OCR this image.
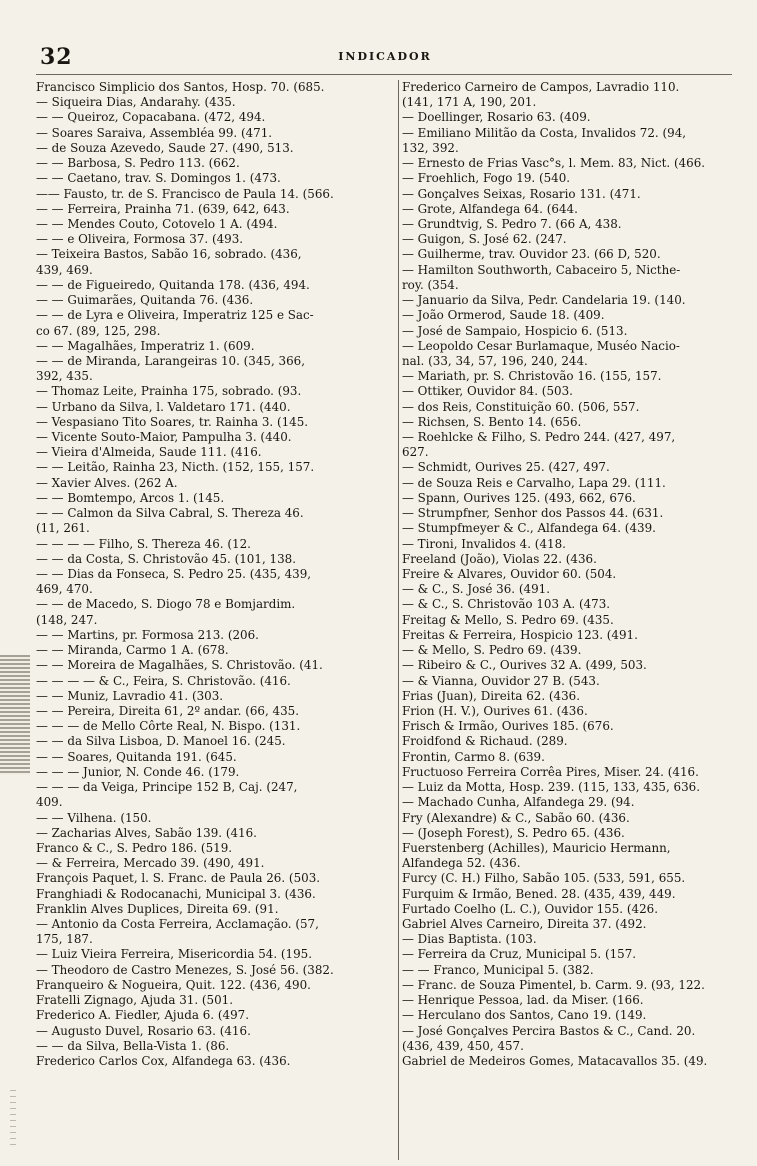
32	INDICADOR
Francisco Simplicio dos Santos, Hosp. 70. (685.
— Siqueira Dias, Andarahy. (435.
— — Queiroz, Copacabana. (472, 494.
— Soares Saraiva, Assembléa 99. (471.
— de Souza Azevedo, Saude 27. (490, 513.
— — Barbosa, S. Pedro 113. (662.
— — Caetano, trav. S. Domingos 1. (473.
—— Fausto, tr. de S. Francisco de Paula 14. (566.
— — Ferreira, Prainha 71. (639, 642, 643.
— — Mendes Couto, Cotovelo 1 A. (494.
— — e Oliveira, Formosa 37. (493.
— Teixeira Bastos, Sabão 16, sobrado. (436,
439, 469.
— — de Figueiredo, Quitanda 178. (436, 494.
— — Guimarães, Quitanda 76. (436.
— — de Lyra e Oliveira, Imperatriz 125 e Sac-
co 67. (89, 125, 298.
— — Magalhães, Imperatriz 1. (609.
— — de Miranda, Larangeiras 10. (345, 366,
392, 435.
— Thomaz Leite, Prainha 175, sobrado. (93.
— Urbano da Silva, l. Valdetaro 171. (440.
— Vespasiano Tito Soares, tr. Rainha 3. (145.
— Vicente Souto-Maior, Pampulha 3. (440.
— Vieira d'Almeida, Saude 111. (416.
— — Leitão, Rainha 23, Nicth. (152, 155, 157.
— Xavier Alves. (262 A.
— — Bomtempo, Arcos 1. (145.
— — Calmon da Silva Cabral, S. Thereza 46.
(11, 261.
— — — — Filho, S. Thereza 46. (12.
— — da Costa, S. Christovão 45. (101, 138.
— — Dias da Fonseca, S. Pedro 25. (435, 439,
469, 470.
— — de Macedo, S. Diogo 78 e Bomjardim.
(148, 247.
— — Martins, pr. Formosa 213. (206.
— — Miranda, Carmo 1 A. (678.
— — Moreira de Magalhães, S. Christovão. (41.
— — — — & C., Feira, S. Christovão. (416.
— — Muniz, Lavradio 41. (303.
— — Pereira, Direita 61, 2º andar. (66, 435.
— — — de Mello Côrte Real, N. Bispo. (131.
— — da Silva Lisboa, D. Manoel 16. (245.
— — Soares, Quitanda 191. (645.
— — — Junior, N. Conde 46. (179.
— — — da Veiga, Principe 152 B, Caj. (247,
409.
— — Vilhena. (150.
— Zacharias Alves, Sabão 139. (416.
Franco & C., S. Pedro 186. (519.
— & Ferreira, Mercado 39. (490, 491.
François Paquet, l. S. Franc. de Paula 26. (503.
Franghiadi & Rodocanachi, Municipal 3. (436.
Franklin Alves Duplices, Direita 69. (91.
— Antonio da Costa Ferreira, Acclamação. (57,
175, 187.
— Luiz Vieira Ferreira, Misericordia 54. (195.
— Theodoro de Castro Menezes, S. José 56. (382.
Franqueiro & Nogueira, Quit. 122. (436, 490.
Fratelli Zignago, Ajuda 31. (501.
Frederico A. Fiedler, Ajuda 6. (497.
— Augusto Duvel, Rosario 63. (416.
— — da Silva, Bella-Vista 1. (86.
Frederico Carlos Cox, Alfandega 63. (436.
Frederico Carneiro de Campos, Lavradio 110.
(141, 171 A, 190, 201.
— Doellinger, Rosario 63. (409.
— Emiliano Militão da Costa, Invalidos 72. (94,
132, 392.
— Ernesto de Frias Vasc°s, l. Mem. 83, Nict. (466.
— Froehlich, Fogo 19. (540.
— Gonçalves Seixas, Rosario 131. (471.
— Grote, Alfandega 64. (644.
— Grundtvig, S. Pedro 7. (66 A, 438.
— Guigon, S. José 62. (247.
— Guilherme, trav. Ouvidor 23. (66 D, 520.
— Hamilton Southworth, Cabaceiro 5, Nicthe-
roy. (354.
— Januario da Silva, Pedr. Candelaria 19. (140.
— João Ormerod, Saude 18. (409.
— José de Sampaio, Hospicio 6. (513.
— Leopoldo Cesar Burlamaque, Muséo Nacio-
nal. (33, 34, 57, 196, 240, 244.
— Mariath, pr. S. Christovão 16. (155, 157.
— Ottiker, Ouvidor 84. (503.
— dos Reis, Constituição 60. (506, 557.
— Richsen, S. Bento 14. (656.
— Roehlcke & Filho, S. Pedro 244. (427, 497,
627.
— Schmidt, Ourives 25. (427, 497.
— de Souza Reis e Carvalho, Lapa 29. (111.
— Spann, Ourives 125. (493, 662, 676.
— Strumpfner, Senhor dos Passos 44. (631.
— Stumpfmeyer & C., Alfandega 64. (439.
— Tironi, Invalidos 4. (418.
Freeland (João), Violas 22. (436.
Freire & Alvares, Ouvidor 60. (504.
— & C., S. José 36. (491.
— & C., S. Christovão 103 A. (473.
Freitag & Mello, S. Pedro 69. (435.
Freitas & Ferreira, Hospicio 123. (491.
— & Mello, S. Pedro 69. (439.
— Ribeiro & C., Ourives 32 A. (499, 503.
— & Vianna, Ouvidor 27 B. (543.
Frias (Juan), Direita 62. (436.
Frion (H. V.), Ourives 61. (436.
Frisch & Irmão, Ourives 185. (676.
Froidfond & Richaud. (289.
Frontin, Carmo 8. (639.
Fructuoso Ferreira Corrêa Pires, Miser. 24. (416.
— Luiz da Motta, Hosp. 239. (115, 133, 435, 636.
— Machado Cunha, Alfandega 29. (94.
Fry (Alexandre) & C., Sabão 60. (436.
— (Joseph Forest), S. Pedro 65. (436.
Fuerstenberg (Achilles), Mauricio Hermann,
Alfandega 52. (436.
Furcy (C. H.) Filho, Sabão 105. (533, 591, 655.
Furquim & Irmão, Bened. 28. (435, 439, 449.
Furtado Coelho (L. C.), Ouvidor 155. (426.
Gabriel Alves Carneiro, Direita 37. (492.
— Dias Baptista. (103.
— Ferreira da Cruz, Municipal 5. (157.
— — Franco, Municipal 5. (382.
— Franc. de Souza Pimentel, b. Carm. 9. (93, 122.
— Henrique Pessoa, lad. da Miser. (166.
— Herculano dos Santos, Cano 19. (149.
— José Gonçalves Percira Bastos & C., Cand. 20.
(436, 439, 450, 457.
Gabriel de Medeiros Gomes, Matacavallos 35. (49.
